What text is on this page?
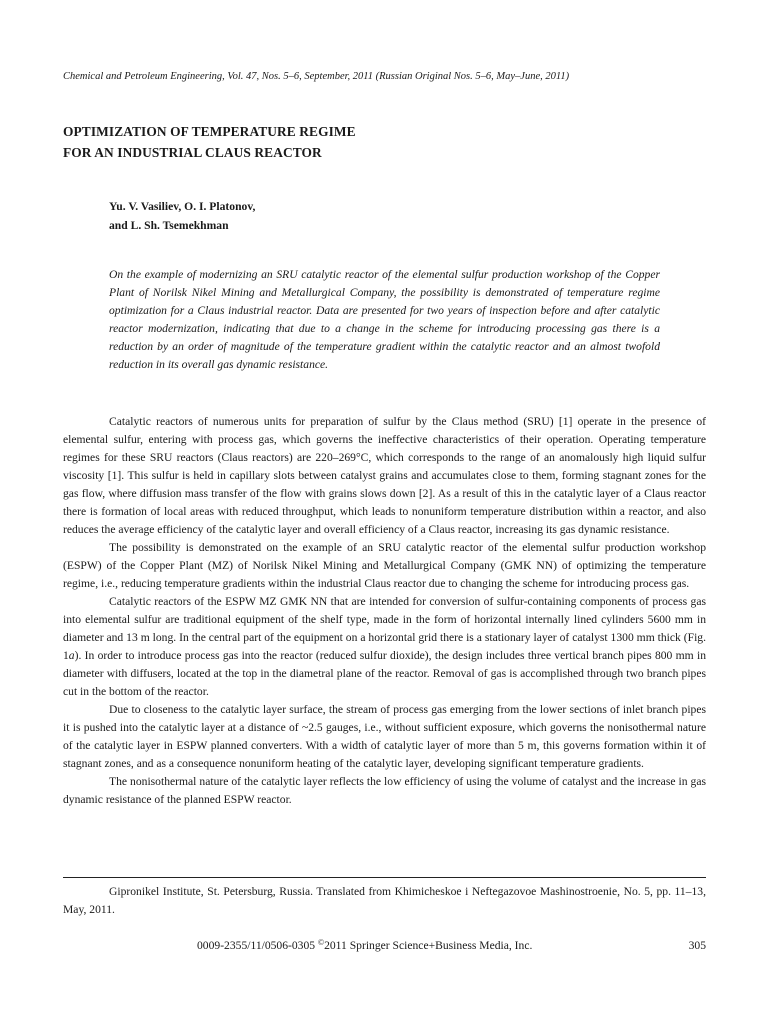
Chemical and Petroleum Engineering, Vol. 47, Nos. 5–6, September, 2011 (Russian Original Nos. 5–6, May–June, 2011)
OPTIMIZATION OF TEMPERATURE REGIME
FOR AN INDUSTRIAL CLAUS REACTOR
Yu. V. Vasiliev, O. I. Platonov,
and L. Sh. Tsemekhman
On the example of modernizing an SRU catalytic reactor of the elemental sulfur production workshop of the Copper Plant of Norilsk Nikel Mining and Metallurgical Company, the possibility is demonstrated of temperature regime optimization for a Claus industrial reactor. Data are presented for two years of inspection before and after catalytic reactor modernization, indicating that due to a change in the scheme for introducing processing gas there is a reduction by an order of magnitude of the temperature gradient within the catalytic reactor and an almost twofold reduction in its overall gas dynamic resistance.

Catalytic reactors of numerous units for preparation of sulfur by the Claus method (SRU) [1] operate in the presence of elemental sulfur, entering with process gas, which governs the ineffective characteristics of their operation. Operating temperature regimes for these SRU reactors (Claus reactors) are 220–269°C, which corresponds to the range of an anomalously high liquid sulfur viscosity [1]. This sulfur is held in capillary slots between catalyst grains and accumulates close to them, forming stagnant zones for the gas flow, where diffusion mass transfer of the flow with grains slows down [2]. As a result of this in the catalytic layer of a Claus reactor there is formation of local areas with reduced throughput, which leads to nonuniform temperature distribution within a reactor, and also reduces the average efficiency of the catalytic layer and overall efficiency of a Claus reactor, increasing its gas dynamic resistance.

The possibility is demonstrated on the example of an SRU catalytic reactor of the elemental sulfur production workshop (ESPW) of the Copper Plant (MZ) of Norilsk Nikel Mining and Metallurgical Company (GMK NN) of optimizing the temperature regime, i.e., reducing temperature gradients within the industrial Claus reactor due to changing the scheme for introducing process gas.

Catalytic reactors of the ESPW MZ GMK NN that are intended for conversion of sulfur-containing components of process gas into elemental sulfur are traditional equipment of the shelf type, made in the form of horizontal internally lined cylinders 5600 mm in diameter and 13 m long. In the central part of the equipment on a horizontal grid there is a stationary layer of catalyst 1300 mm thick (Fig. 1a). In order to introduce process gas into the reactor (reduced sulfur dioxide), the design includes three vertical branch pipes 800 mm in diameter with diffusers, located at the top in the diametral plane of the reactor. Removal of gas is accomplished through two branch pipes cut in the bottom of the reactor.

Due to closeness to the catalytic layer surface, the stream of process gas emerging from the lower sections of inlet branch pipes it is pushed into the catalytic layer at a distance of ~2.5 gauges, i.e., without sufficient exposure, which governs the nonisothermal nature of the catalytic layer in ESPW planned converters. With a width of catalytic layer of more than 5 m, this governs formation within it of stagnant zones, and as a consequence nonuniform heating of the catalytic layer, developing significant temperature gradients.

The nonisothermal nature of the catalytic layer reflects the low efficiency of using the volume of catalyst and the increase in gas dynamic resistance of the planned ESPW reactor.

Gipronikel Institute, St. Petersburg, Russia. Translated from Khimicheskoe i Neftegazovoe Mashinostroenie, No. 5, pp. 11–13, May, 2011.

0009-2355/11/0506-0305 ©2011 Springer Science+Business Media, Inc.	305
